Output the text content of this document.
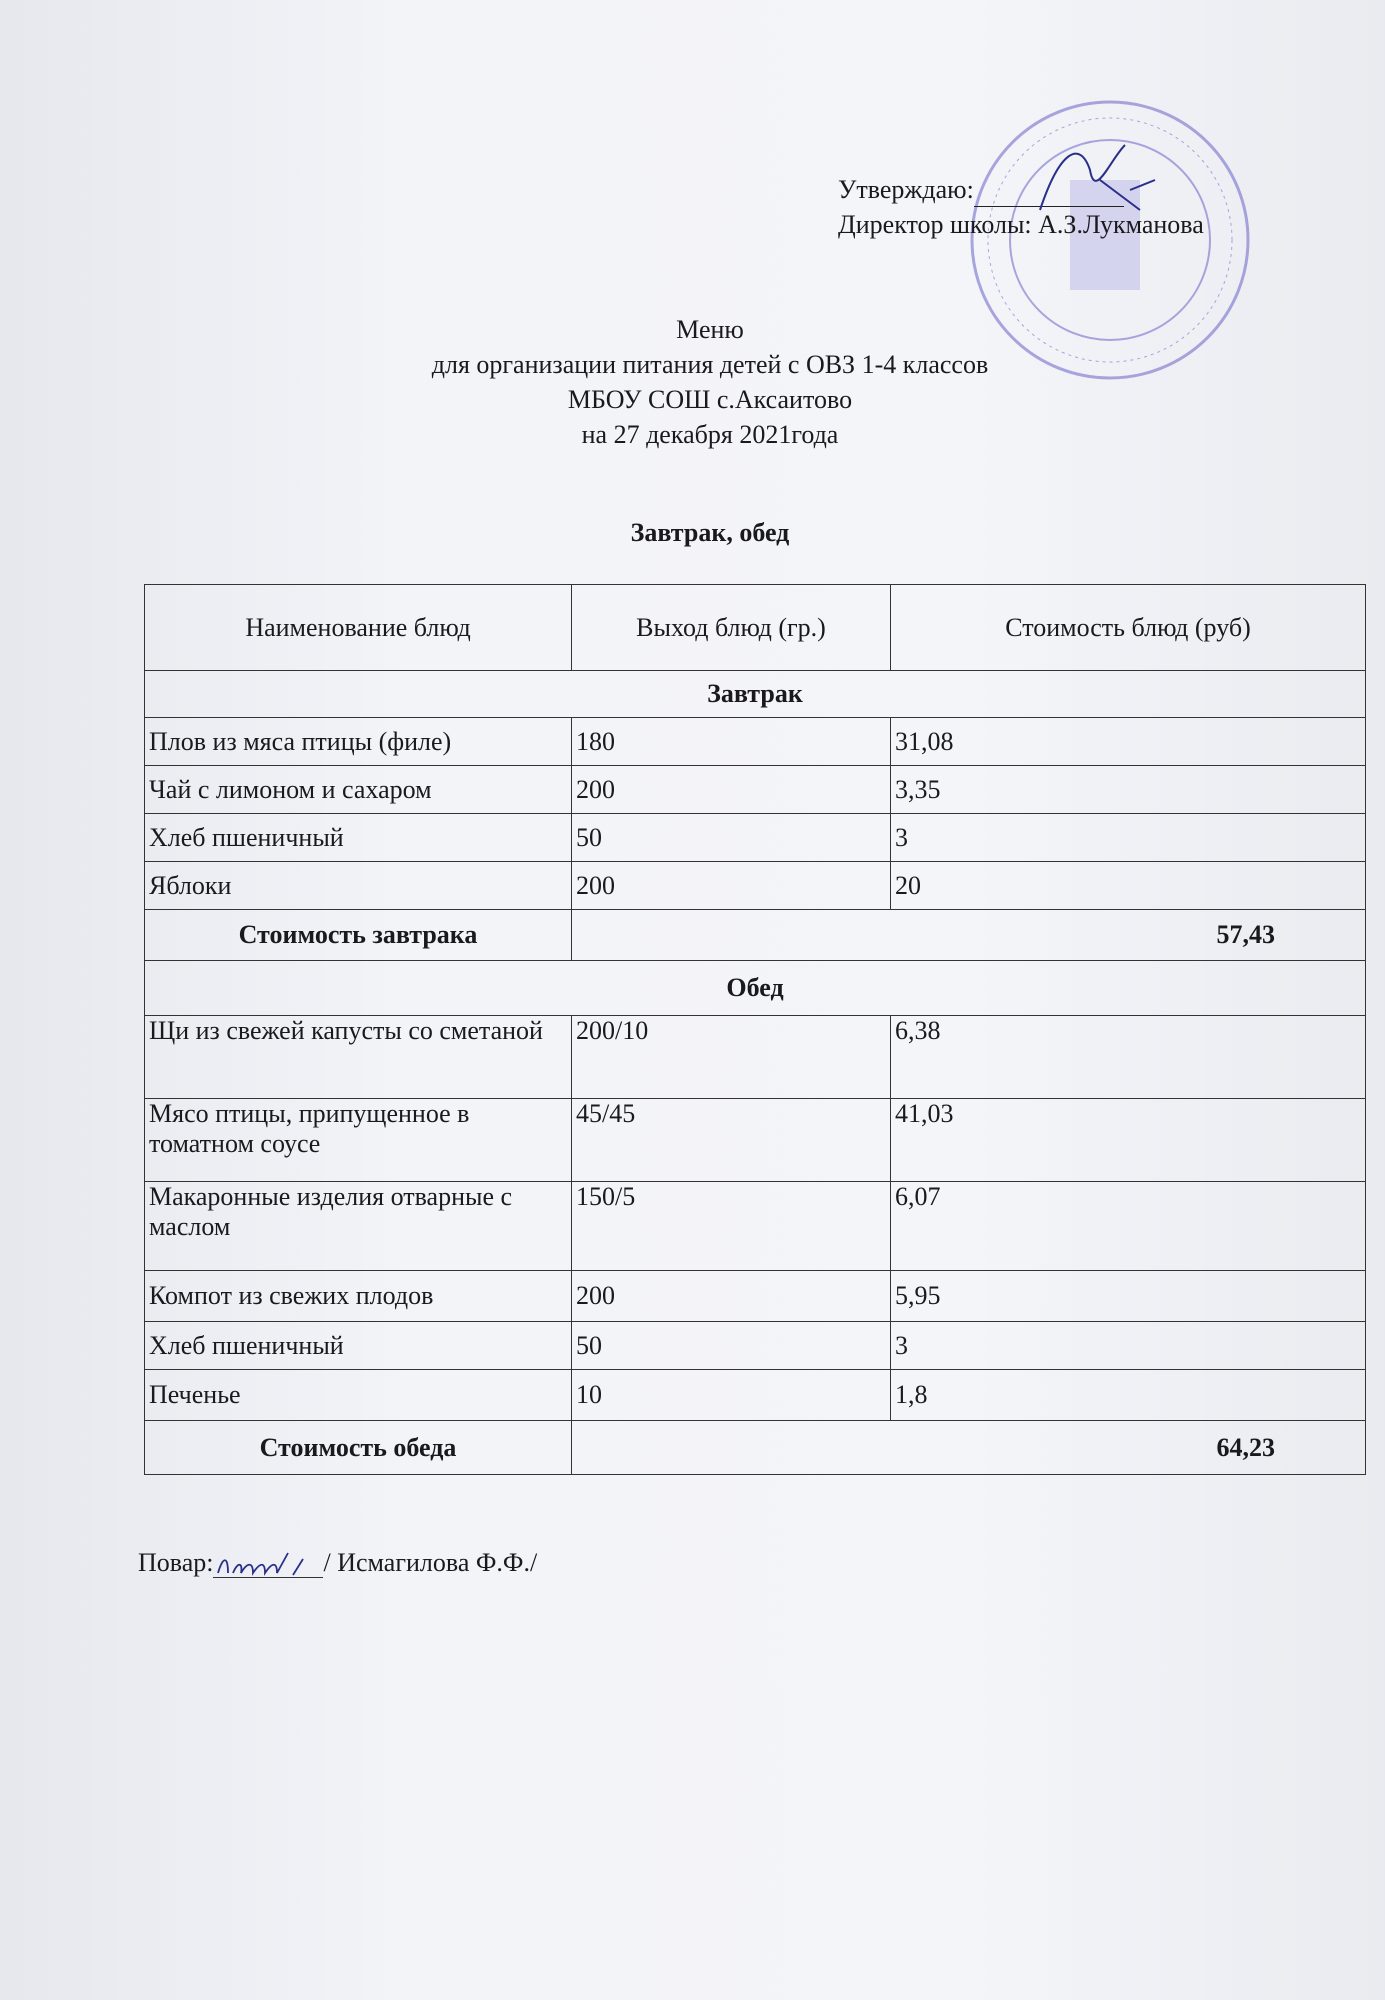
Утверждаю:
Директор школы: А.З.Лукманова
Меню
для организации питания детей с ОВЗ 1-4 классов
МБОУ СОШ с.Аксаитово
на 27 декабря 2021года
Завтрак, обед
Наименование блюд	Выход блюд (гр.)	Стоимость блюд (руб)
Завтрак		
Плов из мяса птицы (филе)	180	31,08
Чай с лимоном и сахаром	200	3,35
Хлеб пшеничный	50	3
Яблоки	200	20
Стоимость завтрака	57,43	
Обед		
Щи из свежей капусты со сметаной	200/10	6,38
Мясо птицы, припущенное в томатном соусе	45/45	41,03
Макаронные изделия отварные с маслом	150/5	6,07
Компот из свежих плодов	200	5,95
Хлеб пшеничный	50	3
Печенье	10	1,8
Стоимость обеда	64,23	
Повар:	/ Исмагилова Ф.Ф./
